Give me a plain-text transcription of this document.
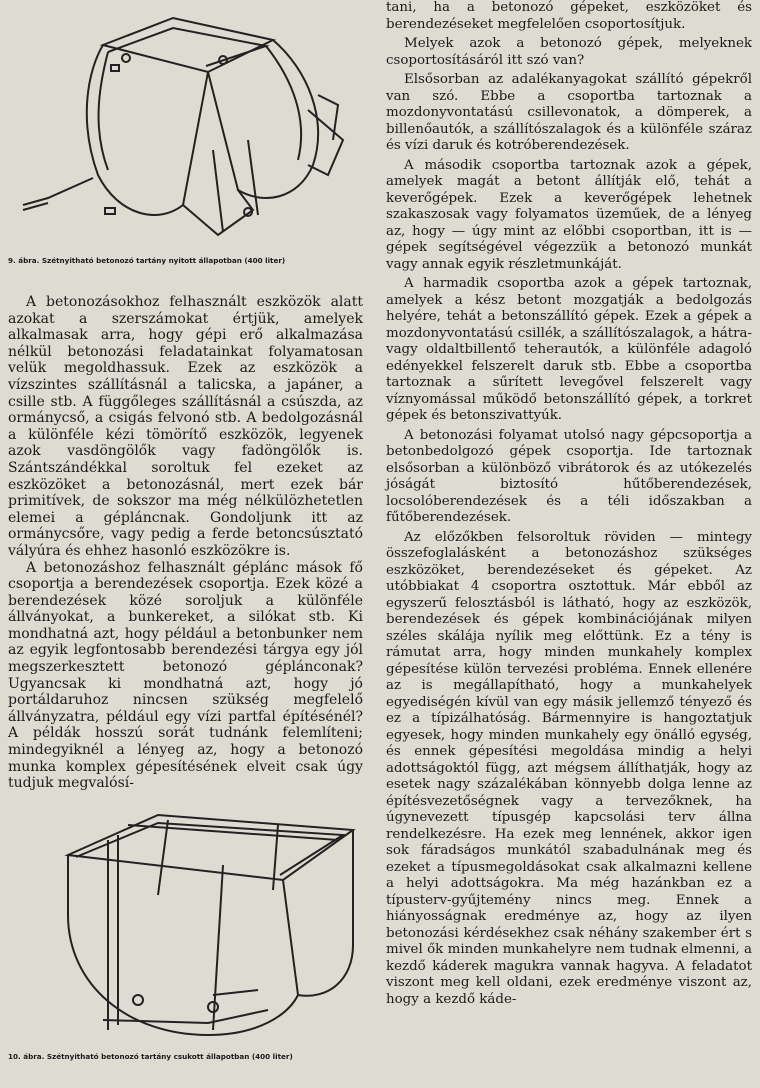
9. ábra. Szétnyitható betonozó tartány nyitott állapotban (400 liter)

A betonozásokhoz felhasznált eszközök alatt azokat a szerszámokat értjük, amelyek alkalmasak arra, hogy gépi erő alkalmazása nélkül betonozási feladatainkat folyamatosan velük megoldhassuk. Ezek az eszközök a vízszintes szállításnál a talicska, a japáner, a csille stb. A függőleges szállításnál a csúszda, az ormánycső, a csigás felvonó stb. A bedolgozásnál a különféle kézi tömörítő eszközök, legyenek azok vasdöngölők vagy fadöngölők is. Szántszándékkal soroltuk fel ezeket az eszközöket a betonozásnál, mert ezek bár primitívek, de sokszor ma még nélkülözhetetlen elemei a gépláncnak. Gondoljunk itt az ormánycsőre, vagy pedig a ferde betoncsúsztató vályúra és ehhez hasonló eszközökre is.

A betonozáshoz felhasznált géplánc mások fő csoportja a berendezések csoportja. Ezek közé a berendezések közé soroljuk a különféle állványokat, a bunkereket, a silókat stb. Ki mondhatná azt, hogy például a betonbunker nem az egyik legfontosabb berendezési tárgya egy jól megszerkesztett betonozó géplánconak? Ugyancsak ki mondhatná azt, hogy jó portáldaruhoz nincsen szükség megfelelő állványzatra, például egy vízi partfal építésénél? A példák hosszú sorát tudnánk felemlíteni; mindegyiknél a lényeg az, hogy a betonozó munka komplex gépesítésének elveit csak úgy tudjuk megvalósí-

10. ábra. Szétnyitható betonozó tartány csukott állapotban (400 liter)

tani, ha a betonozó gépeket, eszközöket és berendezéseket megfelelően csoportosítjuk.

Melyek azok a betonozó gépek, melyeknek csoportosításáról itt szó van?

Elsősorban az adalékanyagokat szállító gépekről van szó. Ebbe a csoportba tartoznak a mozdonyvontatású csillevonatok, a dömperek, a billenőautók, a szállítószalagok és a különféle száraz és vízi daruk és kotróberendezések.

A második csoportba tartoznak azok a gépek, amelyek magát a betont állítják elő, tehát a keverőgépek. Ezek a keverőgépek lehetnek szakaszosak vagy folyamatos üzeműek, de a lényeg az, hogy — úgy mint az előbbi csoportban, itt is — gépek segítségével végezzük a betonozó munkát vagy annak egyik részletmunkáját.

A harmadik csoportba azok a gépek tartoznak, amelyek a kész betont mozgatják a bedolgozás helyére, tehát a betonszállító gépek. Ezek a gépek a mozdonyvontatású csillék, a szállítószalagok, a hátra- vagy oldaltbillentő teherautók, a különféle adagoló edényekkel felszerelt daruk stb. Ebbe a csoportba tartoznak a sűrített levegővel felszerelt vagy víznyomással működő betonszállító gépek, a torkret gépek és betonszivattyúk.

A betonozási folyamat utolsó nagy gépcsoportja a betonbedolgozó gépek csoportja. Ide tartoznak elsősorban a különböző vibrátorok és az utókezelés jóságát biztosító hűtőberendezések, locsolóberendezések és a téli időszakban a fűtőberendezések.

Az előzőkben felsoroltuk röviden — mintegy összefoglalásként a betonozáshoz szükséges eszközöket, berendezéseket és gépeket. Az utóbbiakat 4 csoportra osztottuk. Már ebből az egyszerű felosztásból is látható, hogy az eszközök, berendezések és gépek kombinációjának milyen széles skálája nyílik meg előttünk. Ez a tény is rámutat arra, hogy minden munkahely komplex gépesítése külön tervezési probléma. Ennek ellenére az is megállapítható, hogy a munkahelyek egyediségén kívül van egy másik jellemző tényező és ez a típizálhatóság. Bármennyire is hangoztatjuk egyesek, hogy minden munkahely egy önálló egység, és ennek gépesítési megoldása mindig a helyi adottságoktól függ, azt mégsem állíthatják, hogy az esetek nagy százalékában könnyebb dolga lenne az építésvezetőségnek vagy a tervezőknek, ha úgynevezett típusgép kapcsolási terv állna rendelkezésre. Ha ezek meg lennének, akkor igen sok fáradságos munkától szabadulnának meg és ezeket a típusmegoldásokat csak alkalmazni kellene a helyi adottságokra. Ma még hazánkban ez a típusterv-gyűjtemény nincs meg. Ennek a hiányosságnak eredménye az, hogy az ilyen betonozási kérdésekhez csak néhány szakember ért s mivel ők minden munkahelyre nem tudnak elmenni, a kezdő káderek magukra vannak hagyva. A feladatot viszont meg kell oldani, ezek eredménye viszont az, hogy a kezdő káde-
